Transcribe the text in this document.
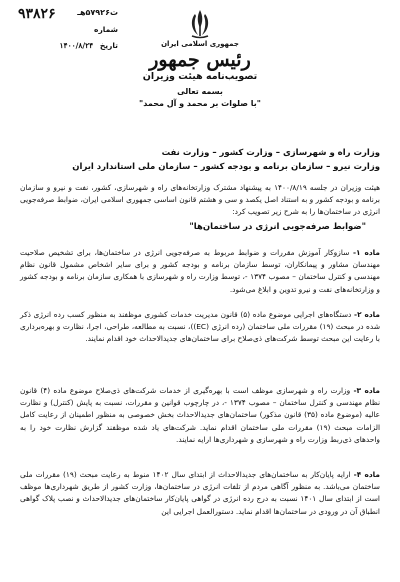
ت۵۷۹۲۶هـ
۹۳۸۲۶
شماره
تاریخ ۱۴۰۰/۸/۲۴	جمهوری اسلامی ایران
رئیس جمهور
تصویب‌نامه هیئت وزیران
بسمه تعالی
"با صلوات بر محمد و آل محمد"
وزارت راه و شهرسازی – وزارت کشور – وزارت نفت
وزارت نیرو – سازمان برنامه و بودجه کشور – سازمان ملی استاندارد ایران
هیئت وزیران در جلسه ۱۴۰۰/۸/۱۹ به پیشنهاد مشترک وزارتخانه‌های راه و شهرسازی، کشور، نفت و نیرو و سازمان برنامه و بودجه کشور و به استناد اصل یکصد و سی و هشتم قانون اساسی جمهوری اسلامی ایران، ضوابط صرفه‌جویی انرژی در ساختمان‌ها را به شرح زیر تصویب کرد:
"ضوابط صرفه‌جویی انرژی در ساختمان‌ها"
ماده ۱- سازوکار آموزش مقررات و ضوابط مربوط به صرفه‌جویی انرژی در ساختمان‌ها، برای تشخیص صلاحیت مهندسان مشاور و پیمانکاران، توسط سازمان برنامه و بودجه کشور و برای سایر اشخاص مشمول قانون نظام مهندسی و کنترل ساختمان – مصوب ۱۳۷۴ -، توسط وزارت راه و شهرسازی با همکاری سازمان برنامه و بودجه کشور و وزارتخانه‌های نفت و نیرو تدوین و ابلاغ می‌شود.
ماده ۲- دستگاه‌های اجرایی موضوع ماده (۵) قانون مدیریت خدمات کشوری موظفند به منظور کسب رده انرژی ذکر شده در مبحث (۱۹) مقررات ملی ساختمان (رده انرژی (EC))، نسبت به مطالعه، طراحی، اجرا، نظارت و بهره‌برداری با رعایت این مبحث توسط شرکت‌های ذی‌صلاح برای ساختمان‌های جدیدالاحداث خود اقدام نمایند.
ماده ۳- وزارت راه و شهرسازی موظف است با بهره‌گیری از خدمات شرکت‌های ذی‌صلاح موضوع ماده (۴) قانون نظام مهندسی و کنترل ساختمان – مصوب ۱۳۷۴ -، در چارچوب قوانین و مقررات، نسبت به پایش (کنترل) و نظارت عالیه (موضوع ماده (۳۵) قانون مذکور) ساختمان‌های جدیدالاحداث بخش خصوصی به منظور اطمینان از رعایت کامل الزامات مبحث (۱۹) مقررات ملی ساختمان اقدام نماید. شرکت‌های یاد شده موظفند گزارش نظارت خود را به واحدهای ذی‌ربط وزارت راه و شهرسازی و شهرداری‌ها ارایه نمایند.
ماده ۴- ارایه پایان‌کار به ساختمان‌های جدیدالاحداث از ابتدای سال ۱۴۰۲ منوط به رعایت مبحث (۱۹) مقررات ملی ساختمان می‌باشد. به منظور آگاهی مردم از تلفات انرژی در ساختمان‌ها، وزارت کشور از طریق شهرداری‌ها موظف است از ابتدای سال ۱۴۰۱ نسبت به درج رده انرژی در گواهی پایان‌کار ساختمان‌های جدیدالاحداث و نصب پلاک گواهی انطباق آن در ورودی در ساختمان‌ها اقدام نماید. دستورالعمل اجرایی این
